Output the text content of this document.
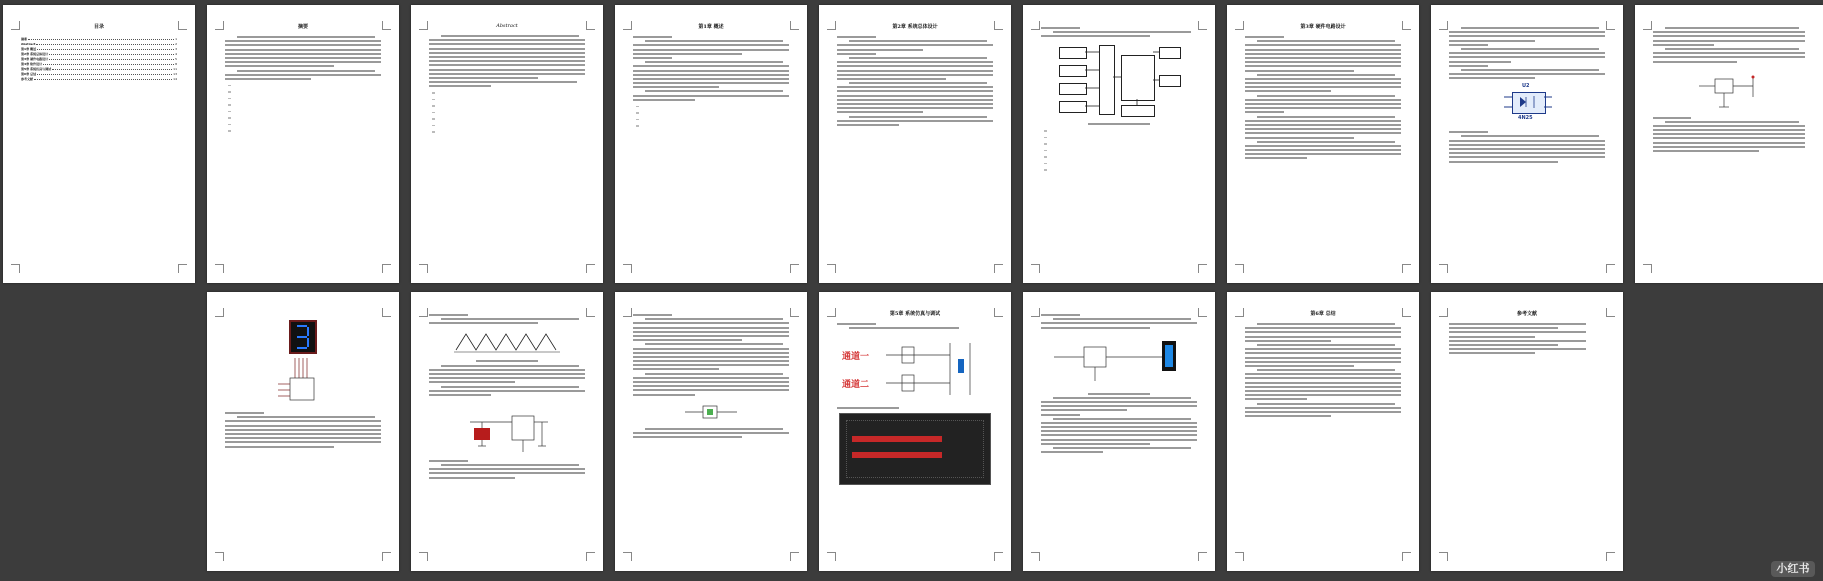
目录
摘要	1
Abstract	2
第1章 概述	3
第2章 系统总体设计	4
第3章 硬件电路设计	5
第4章 软件设计	8
第5章 系统仿真与调试	11
第6章 总结	13
参考文献	14
摘要	Abstract	第1章 概述	第2章 系统总体设计	第3章 硬件电路设计
U2
4N25
第5章 系统仿真与调试
通道一
通道二
第6章 总结	参考文献
小红书
